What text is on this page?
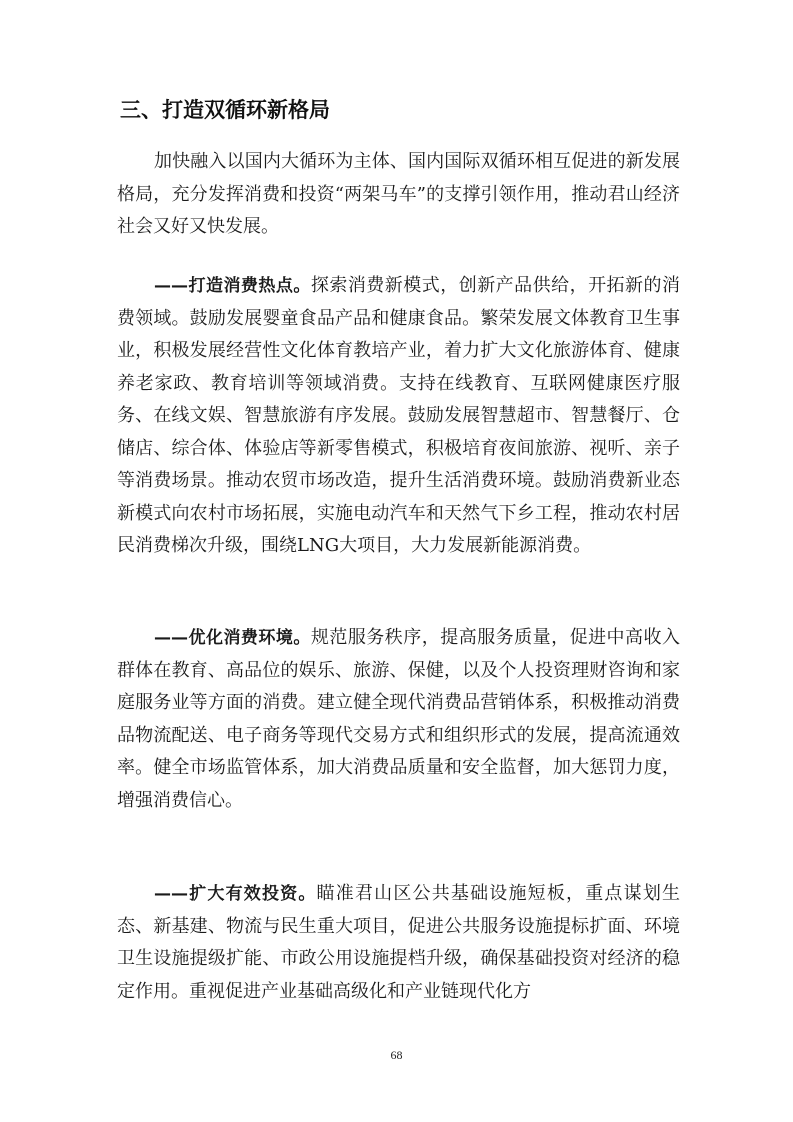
三、打造双循环新格局

加快融入以国内大循环为主体、国内国际双循环相互促进的新发展格局，充分发挥消费和投资“两架马车”的支撑引领作用，推动君山经济社会又好又快发展。

——打造消费热点。探索消费新模式，创新产品供给，开拓新的消费领域。鼓励发展婴童食品产品和健康食品。繁荣发展文体教育卫生事业，积极发展经营性文化体育教培产业，着力扩大文化旅游体育、健康养老家政、教育培训等领域消费。支持在线教育、互联网健康医疗服务、在线文娱、智慧旅游有序发展。鼓励发展智慧超市、智慧餐厅、仓储店、综合体、体验店等新零售模式，积极培育夜间旅游、视听、亲子等消费场景。推动农贸市场改造，提升生活消费环境。鼓励消费新业态新模式向农村市场拓展，实施电动汽车和天然气下乡工程，推动农村居民消费梯次升级，围绕LNG大项目，大力发展新能源消费。

——优化消费环境。规范服务秩序，提高服务质量，促进中高收入群体在教育、高品位的娱乐、旅游、保健，以及个人投资理财咨询和家庭服务业等方面的消费。建立健全现代消费品营销体系，积极推动消费品物流配送、电子商务等现代交易方式和组织形式的发展，提高流通效率。健全市场监管体系，加大消费品质量和安全监督，加大惩罚力度，增强消费信心。

——扩大有效投资。瞄准君山区公共基础设施短板，重点谋划生态、新基建、物流与民生重大项目，促进公共服务设施提标扩面、环境卫生设施提级扩能、市政公用设施提档升级，确保基础投资对经济的稳定作用。重视促进产业基础高级化和产业链现代化方

68
